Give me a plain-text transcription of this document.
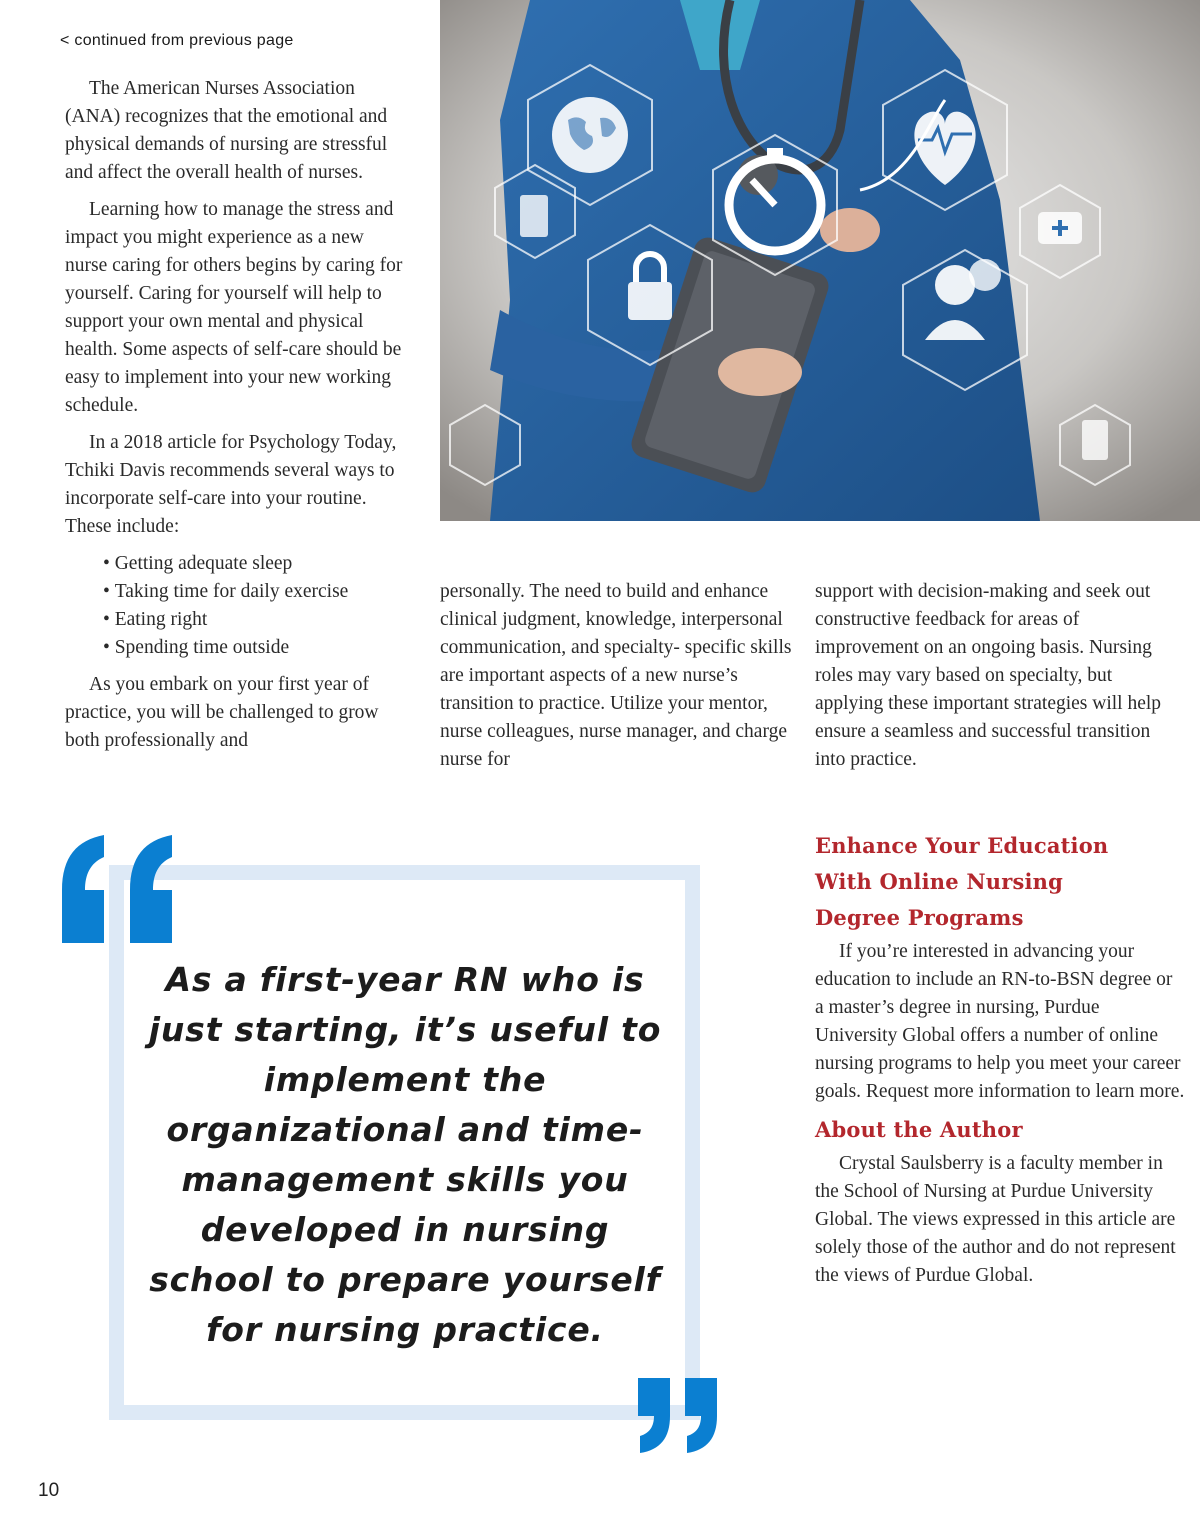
< continued from previous page

The American Nurses Association (ANA) recognizes that the emotional and physical demands of nursing are stressful and affect the overall health of nurses.

Learning how to manage the stress and impact you might experience as a new nurse caring for others begins by caring for yourself. Caring for yourself will help to support your own mental and physical health. Some aspects of self-care should be easy to implement into your new working schedule.

In a 2018 article for Psychology Today, Tchiki Davis recommends several ways to incorporate self-care into your routine. These include:

• Getting adequate sleep
• Taking time for daily exercise
• Eating right
• Spending time outside

As you embark on your first year of practice, you will be challenged to grow both professionally and

personally. The need to build and enhance clinical judgment, knowledge, interpersonal communication, and specialty- specific skills are important aspects of a new nurse’s transition to practice. Utilize your mentor, nurse colleagues, nurse manager, and charge nurse for

support with decision-making and seek out constructive feedback for areas of improvement on an ongoing basis. Nursing roles may vary based on specialty, but applying these important strategies will help ensure a seamless and successful transition into practice.

Enhance Your Education
With Online Nursing
Degree Programs

If you’re interested in advancing your education to include an RN-to-BSN degree or a master’s degree in nursing, Purdue University Global offers a number of online nursing programs to help you meet your career goals. Request more information to learn more.

About the Author

Crystal Saulsberry is a faculty member in the School of Nursing at Purdue University Global. The views expressed in this article are solely those of the author and do not represent the views of Purdue Global.

As a first-year RN who is just starting, it’s useful to implement the organizational and time-management skills you developed in nursing school to prepare yourself for nursing practice.
10
